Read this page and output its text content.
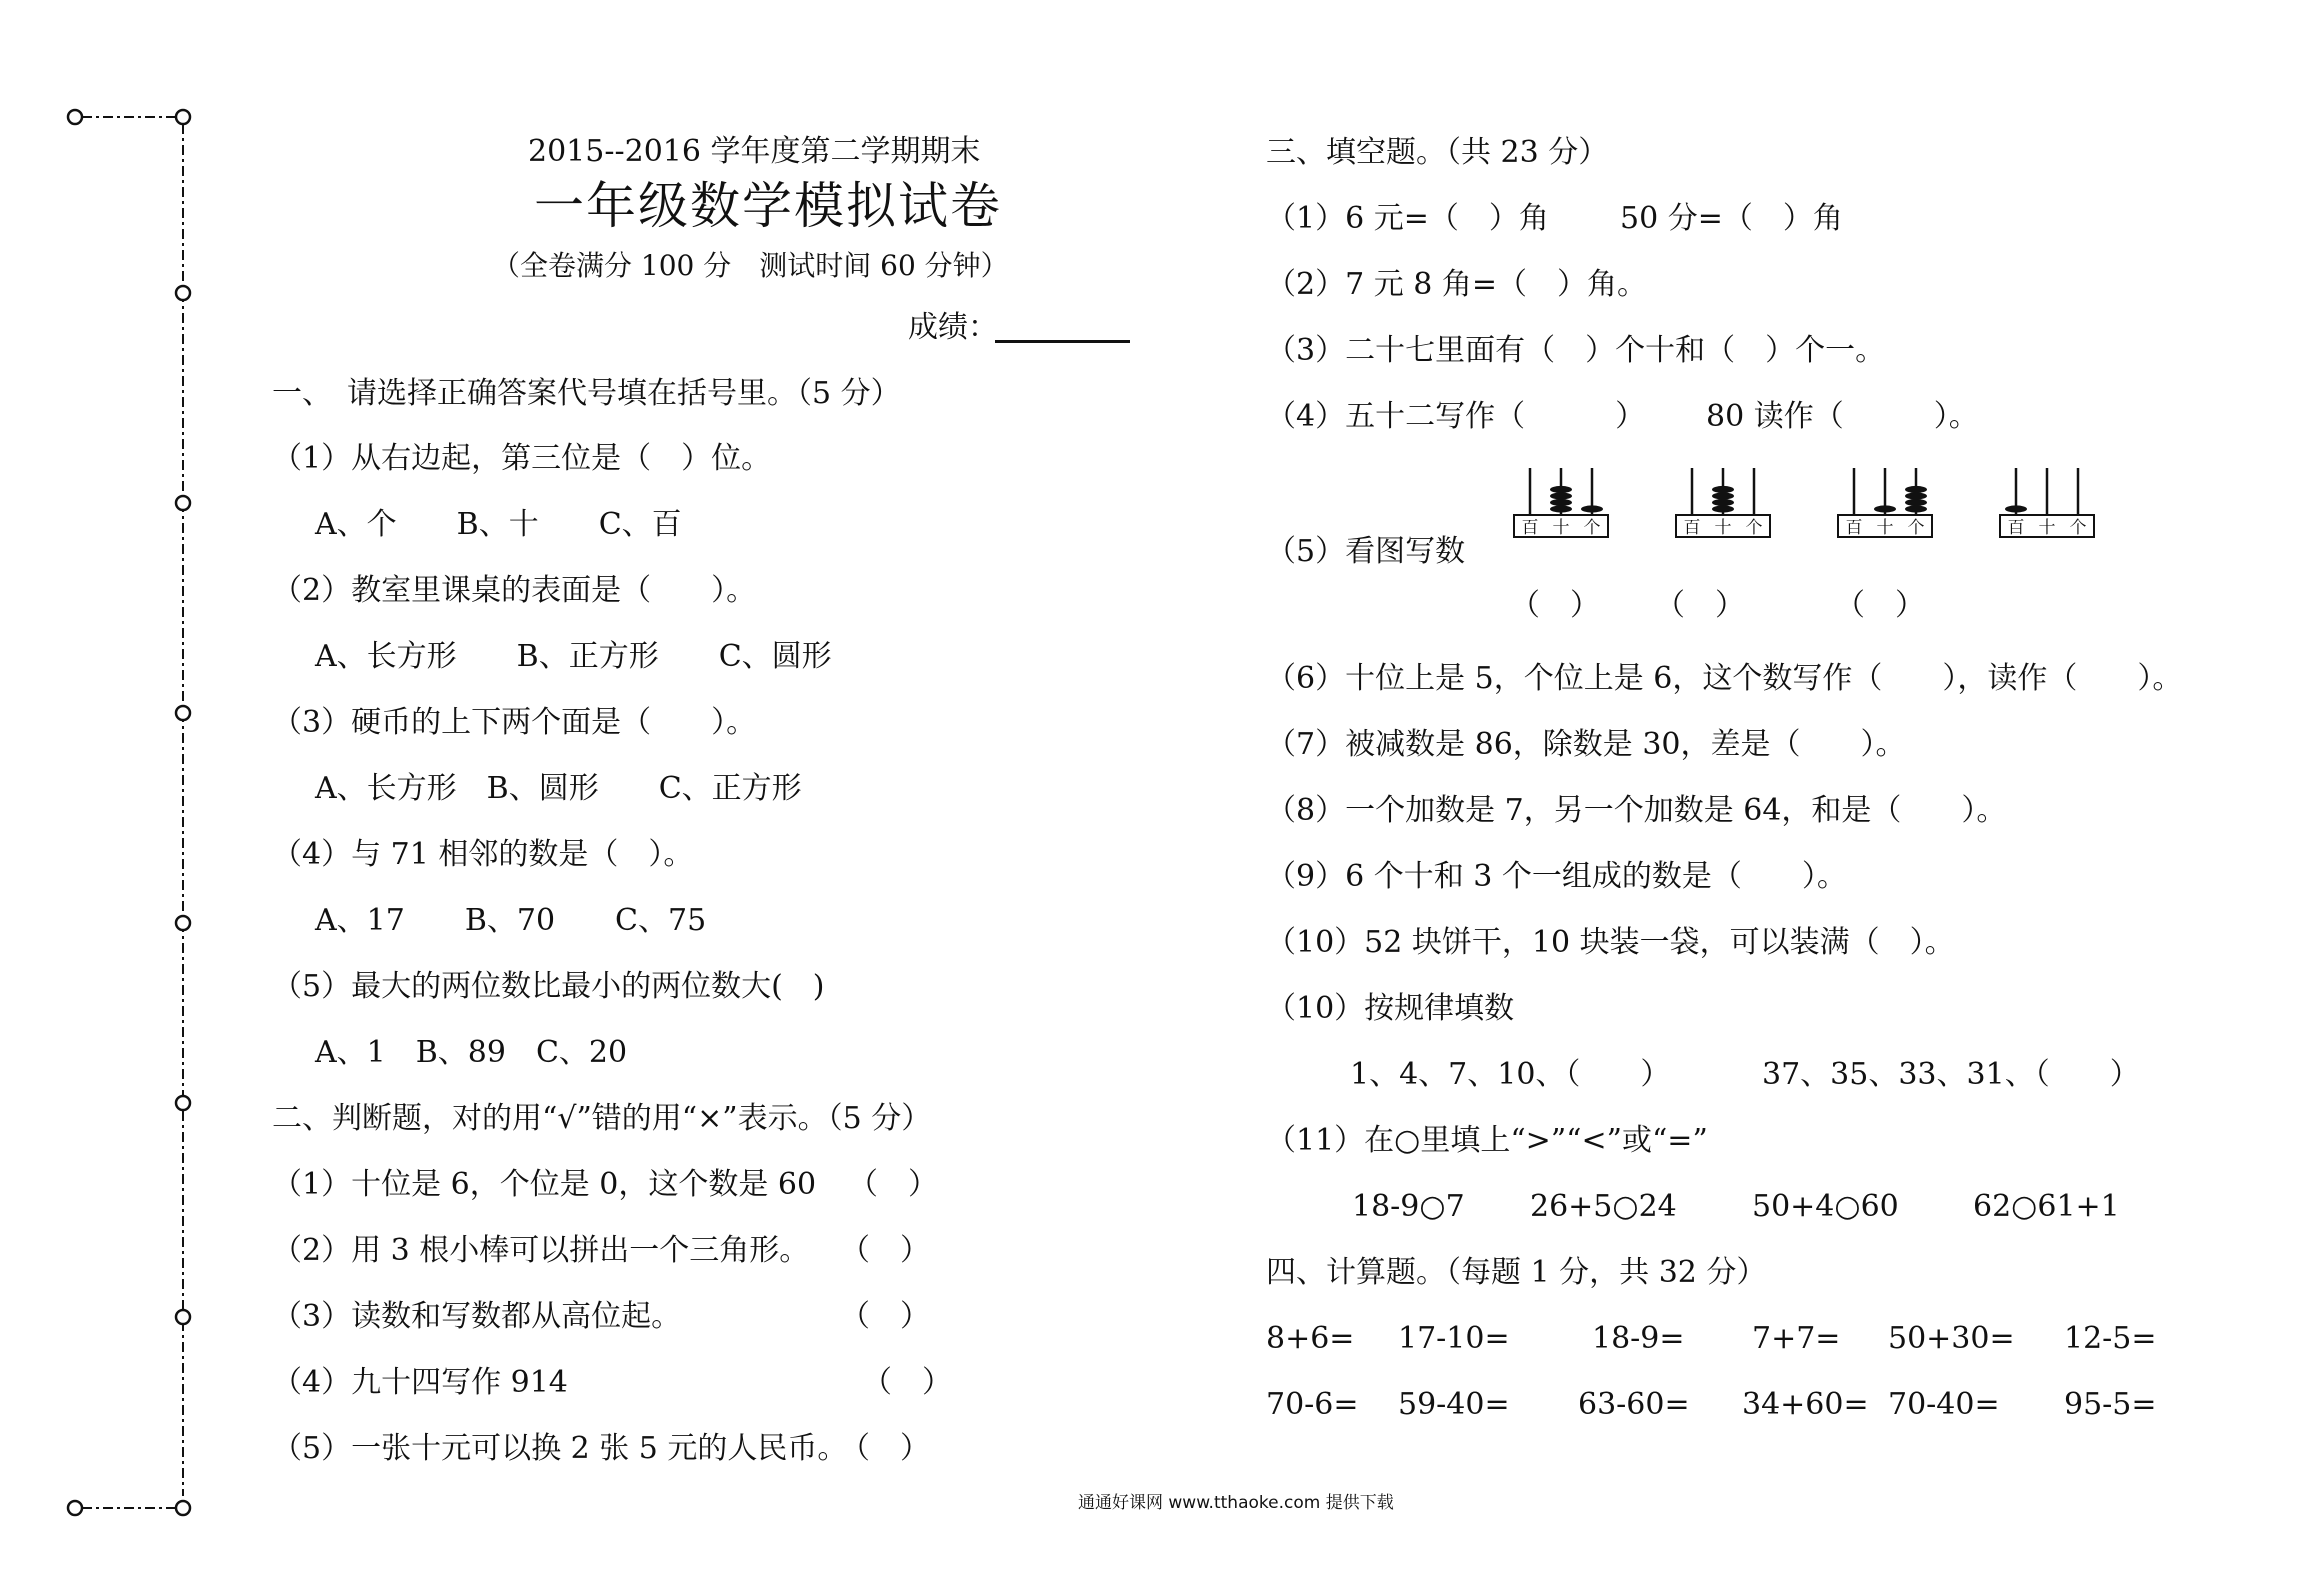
2015--2016 学年度第二学期期末
一年级数学模拟试卷
（全卷满分 100 分　测试时间 60 分钟）
成绩：
一、　请选择正确答案代号填在括号里。（5 分）
（1）从右边起，第三位是（　）位。
A、个　　B、十　　C、百
（2）教室里课桌的表面是（　　）。
A、长方形　　B、正方形　　C、圆形
（3）硬币的上下两个面是（　　）。
A、长方形　B、圆形　　C、正方形
（4）与 71 相邻的数是（　）。
A、17　　B、70　　C、75
（5）最大的两位数比最小的两位数大(　)
A、1　B、89　C、20
二、判断题，对的用“√”错的用“×”表示。（5 分）
（1）十位是 6，个位是 0，这个数是 60 （　）
（2）用 3 根小棒可以拼出一个三角形。 （　）
（3）读数和写数都从高位起。	（　）
（4）九十四写作 914	（　）
（5）一张十元可以换 2 张 5 元的人民币。
（　）
三、填空题。（共 23 分）
（1）6 元=（　）角 50 分=（　）角
（2）7 元 8 角=（　）角。
（3）二十七里面有（　）个十和（　）个一。
（4）五十二写作（　　　） 80 读作（　　　）。
（5）看图写数
百 十 个	百 十 个	百 十 个	百 十 个
（　） （　）	（　）
（6）十位上是 5，个位上是 6，这个数写作（　　），读作（　　）。
（7）被减数是 86，除数是 30，差是（　　）。
（8）一个加数是 7，另一个加数是 64，和是（　　）。
（9）6 个十和 3 个一组成的数是（　　）。
（10）52 块饼干，10 块装一袋，可以装满（　）。
（10）按规律填数
1、4、7、10、（　　）	37、35、33、31、（　　）
（11）在○里填上“>”“<”或“=”
18-9○7 26+5○24	50+4○60 62○61+1
四、计算题。（每题 1 分，共 32 分）
8+6= 17-10=	18-9= 7+7= 50+30= 12-5=
70-6= 59-40= 63-60= 34+60= 70-40= 95-5=
通通好课网 www.tthaoke.com 提供下载
